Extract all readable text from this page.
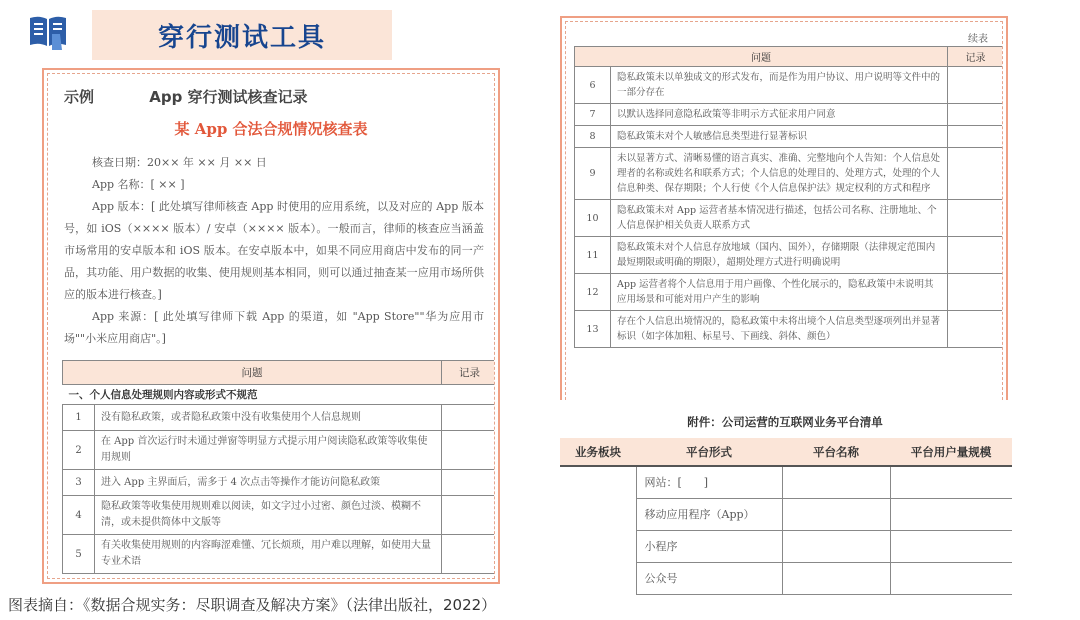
穿行测试工具
示例	App 穿行测试核查记录
某 App 合法合规情况核查表

核查日期：20×× 年 ×× 月 ×× 日

App 名称：[ ×× ]

App 版本：[ 此处填写律师核查 App 时使用的应用系统，以及对应的 App 版本号，如 iOS（×××× 版本）/ 安卓（×××× 版本）。一般而言，律师的核查应当涵盖市场常用的安卓版本和 iOS 版本。在安卓版本中，如果不同应用商店中发布的同一产品，其功能、用户数据的收集、使用规则基本相同，则可以通过抽查某一应用市场所供应的版本进行核查。]

App 来源：[ 此处填写律师下载 App 的渠道，如 "App Store""华为应用市场""小米应用商店"。]

问题		记录
一、个人信息处理规则内容或形式不规范		
1	没有隐私政策，或者隐私政策中没有收集使用个人信息规则	
2	在 App 首次运行时未通过弹窗等明显方式提示用户阅读隐私政策等收集使用规则	
3	进入 App 主界面后，需多于 4 次点击等操作才能访问隐私政策	
4	隐私政策等收集使用规则难以阅读，如文字过小过密、颜色过淡、模糊不清，或未提供简体中文版等	
5	有关收集使用规则的内容晦涩难懂、冗长烦琐，用户难以理解，如使用大量专业术语	
续表
问题		记录
6	隐私政策未以单独成文的形式发布，而是作为用户协议、用户说明等文件中的一部分存在	
7	以默认选择同意隐私政策等非明示方式征求用户同意	
8	隐私政策未对个人敏感信息类型进行显著标识	
9	未以显著方式、清晰易懂的语言真实、准确、完整地向个人告知：个人信息处理者的名称或姓名和联系方式；个人信息的处理目的、处理方式，处理的个人信息种类、保存期限；个人行使《个人信息保护法》规定权利的方式和程序	
10	隐私政策未对 App 运营者基本情况进行描述，包括公司名称、注册地址、个人信息保护相关负责人联系方式	
11	隐私政策未对个人信息存放地域（国内、国外），存储期限（法律规定范围内最短期限或明确的期限），超期处理方式进行明确说明	
12	App 运营者将个人信息用于用户画像、个性化展示的，隐私政策中未说明其应用场景和可能对用户产生的影响	
13	存在个人信息出境情况的，隐私政策中未将出境个人信息类型逐项列出并显著标识（如字体加粗、标星号、下画线、斜体、颜色）	
附件：公司运营的互联网业务平台清单
业务板块	平台形式	平台名称	平台用户量规模
	网站：[　　]		
	移动应用程序（App）		
	小程序		
	公众号		
图表摘自：《数据合规实务：尽职调查及解决方案》（法律出版社，2022）
